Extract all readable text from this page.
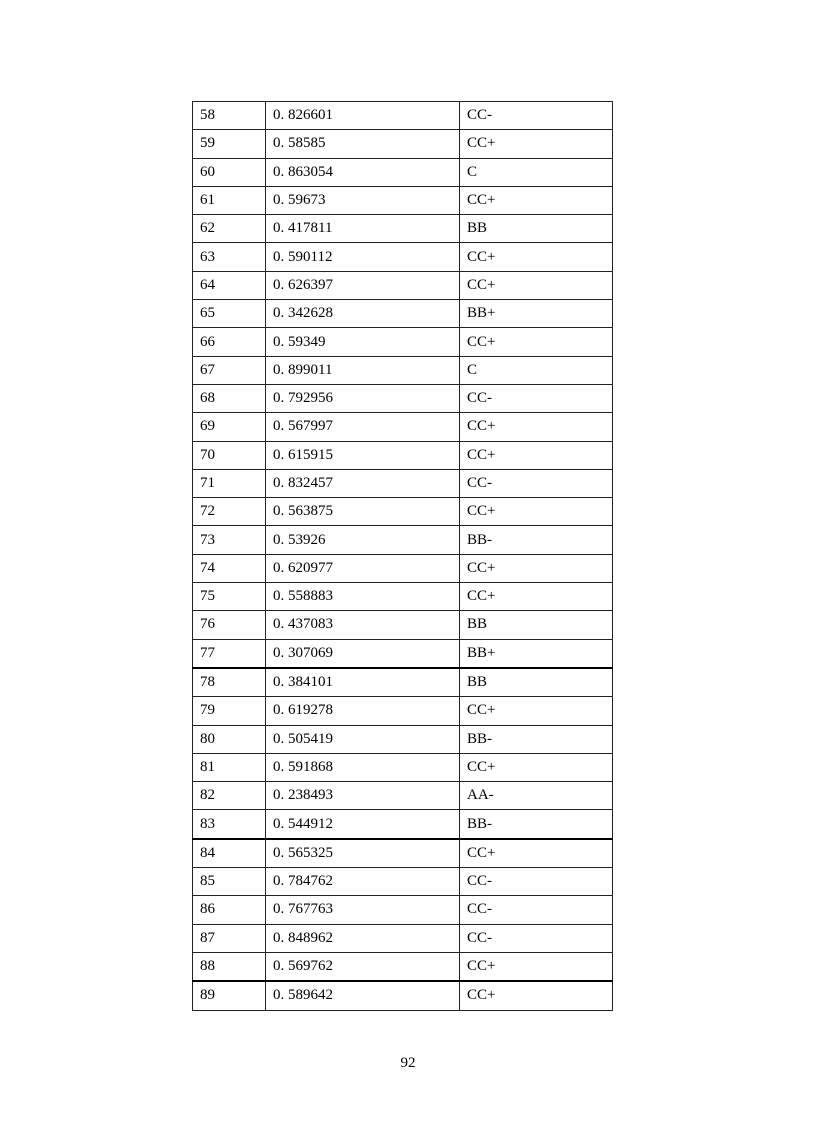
58	0. 826601	CC-
59	0. 58585	CC+
60	0. 863054	C
61	0. 59673	CC+
62	0. 417811	BB
63	0. 590112	CC+
64	0. 626397	CC+
65	0. 342628	BB+
66	0. 59349	CC+
67	0. 899011	C
68	0. 792956	CC-
69	0. 567997	CC+
70	0. 615915	CC+
71	0. 832457	CC-
72	0. 563875	CC+
73	0. 53926	BB-
74	0. 620977	CC+
75	0. 558883	CC+
76	0. 437083	BB
77	0. 307069	BB+
78	0. 384101	BB
79	0. 619278	CC+
80	0. 505419	BB-
81	0. 591868	CC+
82	0. 238493	AA-
83	0. 544912	BB-
84	0. 565325	CC+
85	0. 784762	CC-
86	0. 767763	CC-
87	0. 848962	CC-
88	0. 569762	CC+
89	0. 589642	CC+
92
